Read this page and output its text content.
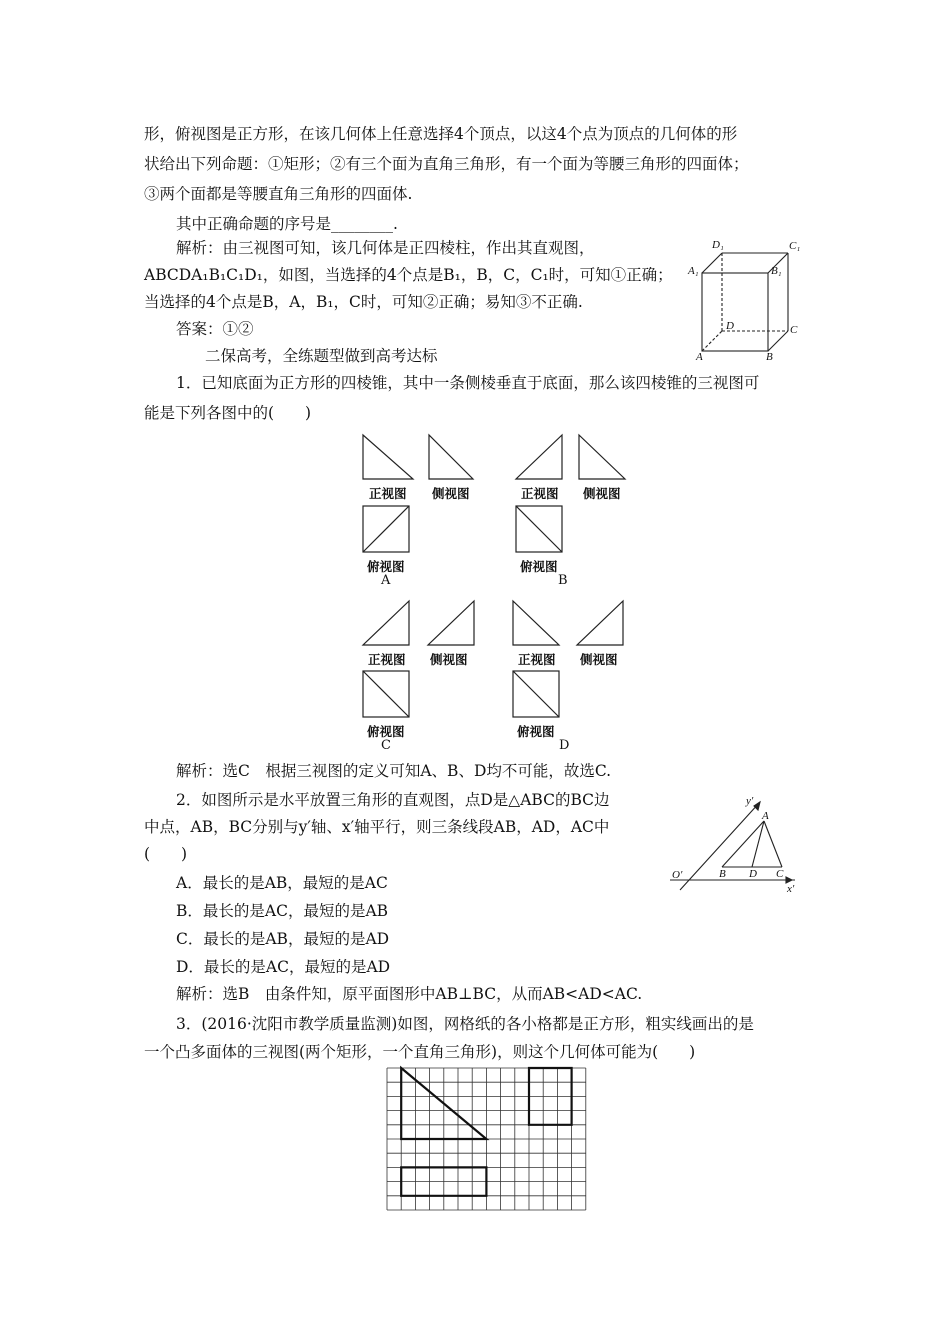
形，俯视图是正方形，在该几何体上任意选择4个顶点，以这4个点为顶点的几何体的形
状给出下列命题：①矩形；②有三个面为直角三角形，有一个面为等腰三角形的四面体；
③两个面都是等腰直角三角形的四面体.
其中正确命题的序号是________.
解析：由三视图可知，该几何体是正四棱柱，作出其直观图，
ABCDA₁B₁C₁D₁，如图，当选择的4个点是B₁，B，C，C₁时，可知①正确；
当选择的4个点是B，A，B₁，C时，可知②正确；易知③不正确.
答案：①②
二保高考，全练题型做到高考达标
D₁	C₁
A₁	B₁
D	C
A	B
1．已知底面为正方形的四棱锥，其中一条侧棱垂直于底面，那么该四棱锥的三视图可
能是下列各图中的(　　)
正视图 侧视图
俯视图
A
正视图 侧视图
俯视图
B
正视图 侧视图
俯视图
C
正视图 侧视图
俯视图
D
解析：选C　根据三视图的定义可知A、B、D均不可能，故选C.
2．如图所示是水平放置三角形的直观图，点D是△ABC的BC边
中点，AB，BC分别与y′轴、x′轴平行，则三条线段AB，AD，AC中
(　　)
A．最长的是AB，最短的是AC
B．最长的是AC，最短的是AB
C．最长的是AB，最短的是AD
D．最长的是AC，最短的是AD
解析：选B　由条件知，原平面图形中AB⊥BC，从而AB<AD<AC.
y′
x′
O′
A
B D C
3．(2016·沈阳市教学质量监测)如图，网格纸的各小格都是正方形，粗实线画出的是
一个凸多面体的三视图(两个矩形，一个直角三角形)，则这个几何体可能为(　　)
